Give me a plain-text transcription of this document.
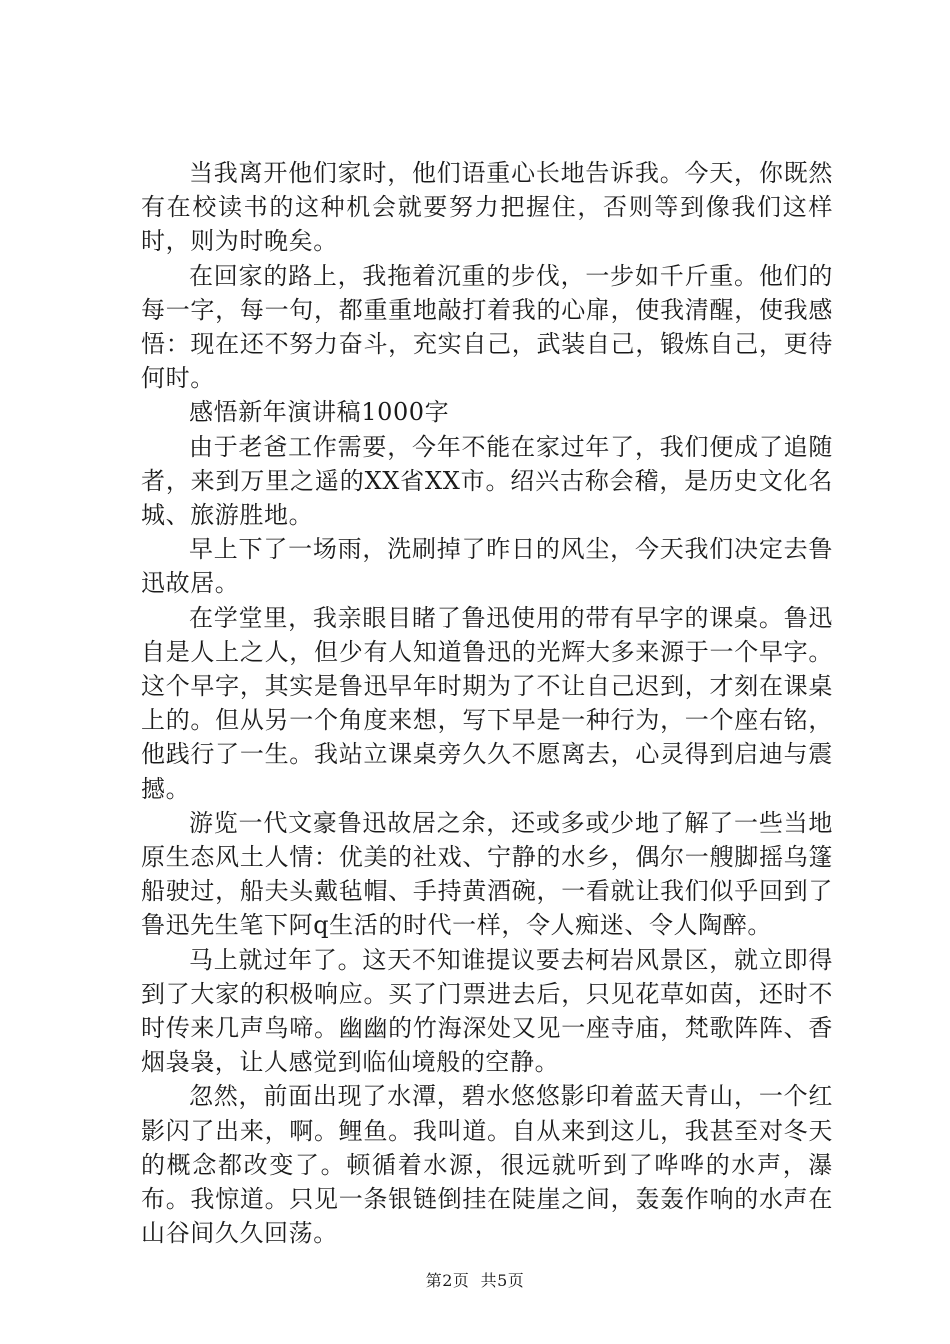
当我离开他们家时，他们语重心长地告诉我。今天，你既然有在校读书的这种机会就要努力把握住，否则等到像我们这样时，则为时晚矣。

在回家的路上，我拖着沉重的步伐，一步如千斤重。他们的每一字，每一句，都重重地敲打着我的心扉，使我清醒，使我感悟：现在还不努力奋斗，充实自己，武装自己，锻炼自己，更待何时。

感悟新年演讲稿1000字

由于老爸工作需要，今年不能在家过年了，我们便成了追随者，来到万里之遥的XX省XX市。绍兴古称会稽，是历史文化名城、旅游胜地。

早上下了一场雨，洗刷掉了昨日的风尘，今天我们决定去鲁迅故居。

在学堂里，我亲眼目睹了鲁迅使用的带有早字的课桌。鲁迅自是人上之人，但少有人知道鲁迅的光辉大多来源于一个早字。这个早字，其实是鲁迅早年时期为了不让自己迟到，才刻在课桌上的。但从另一个角度来想，写下早是一种行为，一个座右铭，他践行了一生。我站立课桌旁久久不愿离去，心灵得到启迪与震撼。

游览一代文豪鲁迅故居之余，还或多或少地了解了一些当地原生态风土人情：优美的社戏、宁静的水乡，偶尔一艘脚摇乌篷船驶过，船夫头戴毡帽、手持黄酒碗，一看就让我们似乎回到了鲁迅先生笔下阿q生活的时代一样，令人痴迷、令人陶醉。

马上就过年了。这天不知谁提议要去柯岩风景区，就立即得到了大家的积极响应。买了门票进去后，只见花草如茵，还时不时传来几声鸟啼。幽幽的竹海深处又见一座寺庙，梵歌阵阵、香烟袅袅，让人感觉到临仙境般的空静。

忽然，前面出现了水潭，碧水悠悠影印着蓝天青山，一个红影闪了出来，啊。鲤鱼。我叫道。自从来到这儿，我甚至对冬天的概念都改变了。顿循着水源，很远就听到了哗哗的水声，瀑布。我惊道。只见一条银链倒挂在陡崖之间，轰轰作响的水声在山谷间久久回荡。

第2页  共5页
